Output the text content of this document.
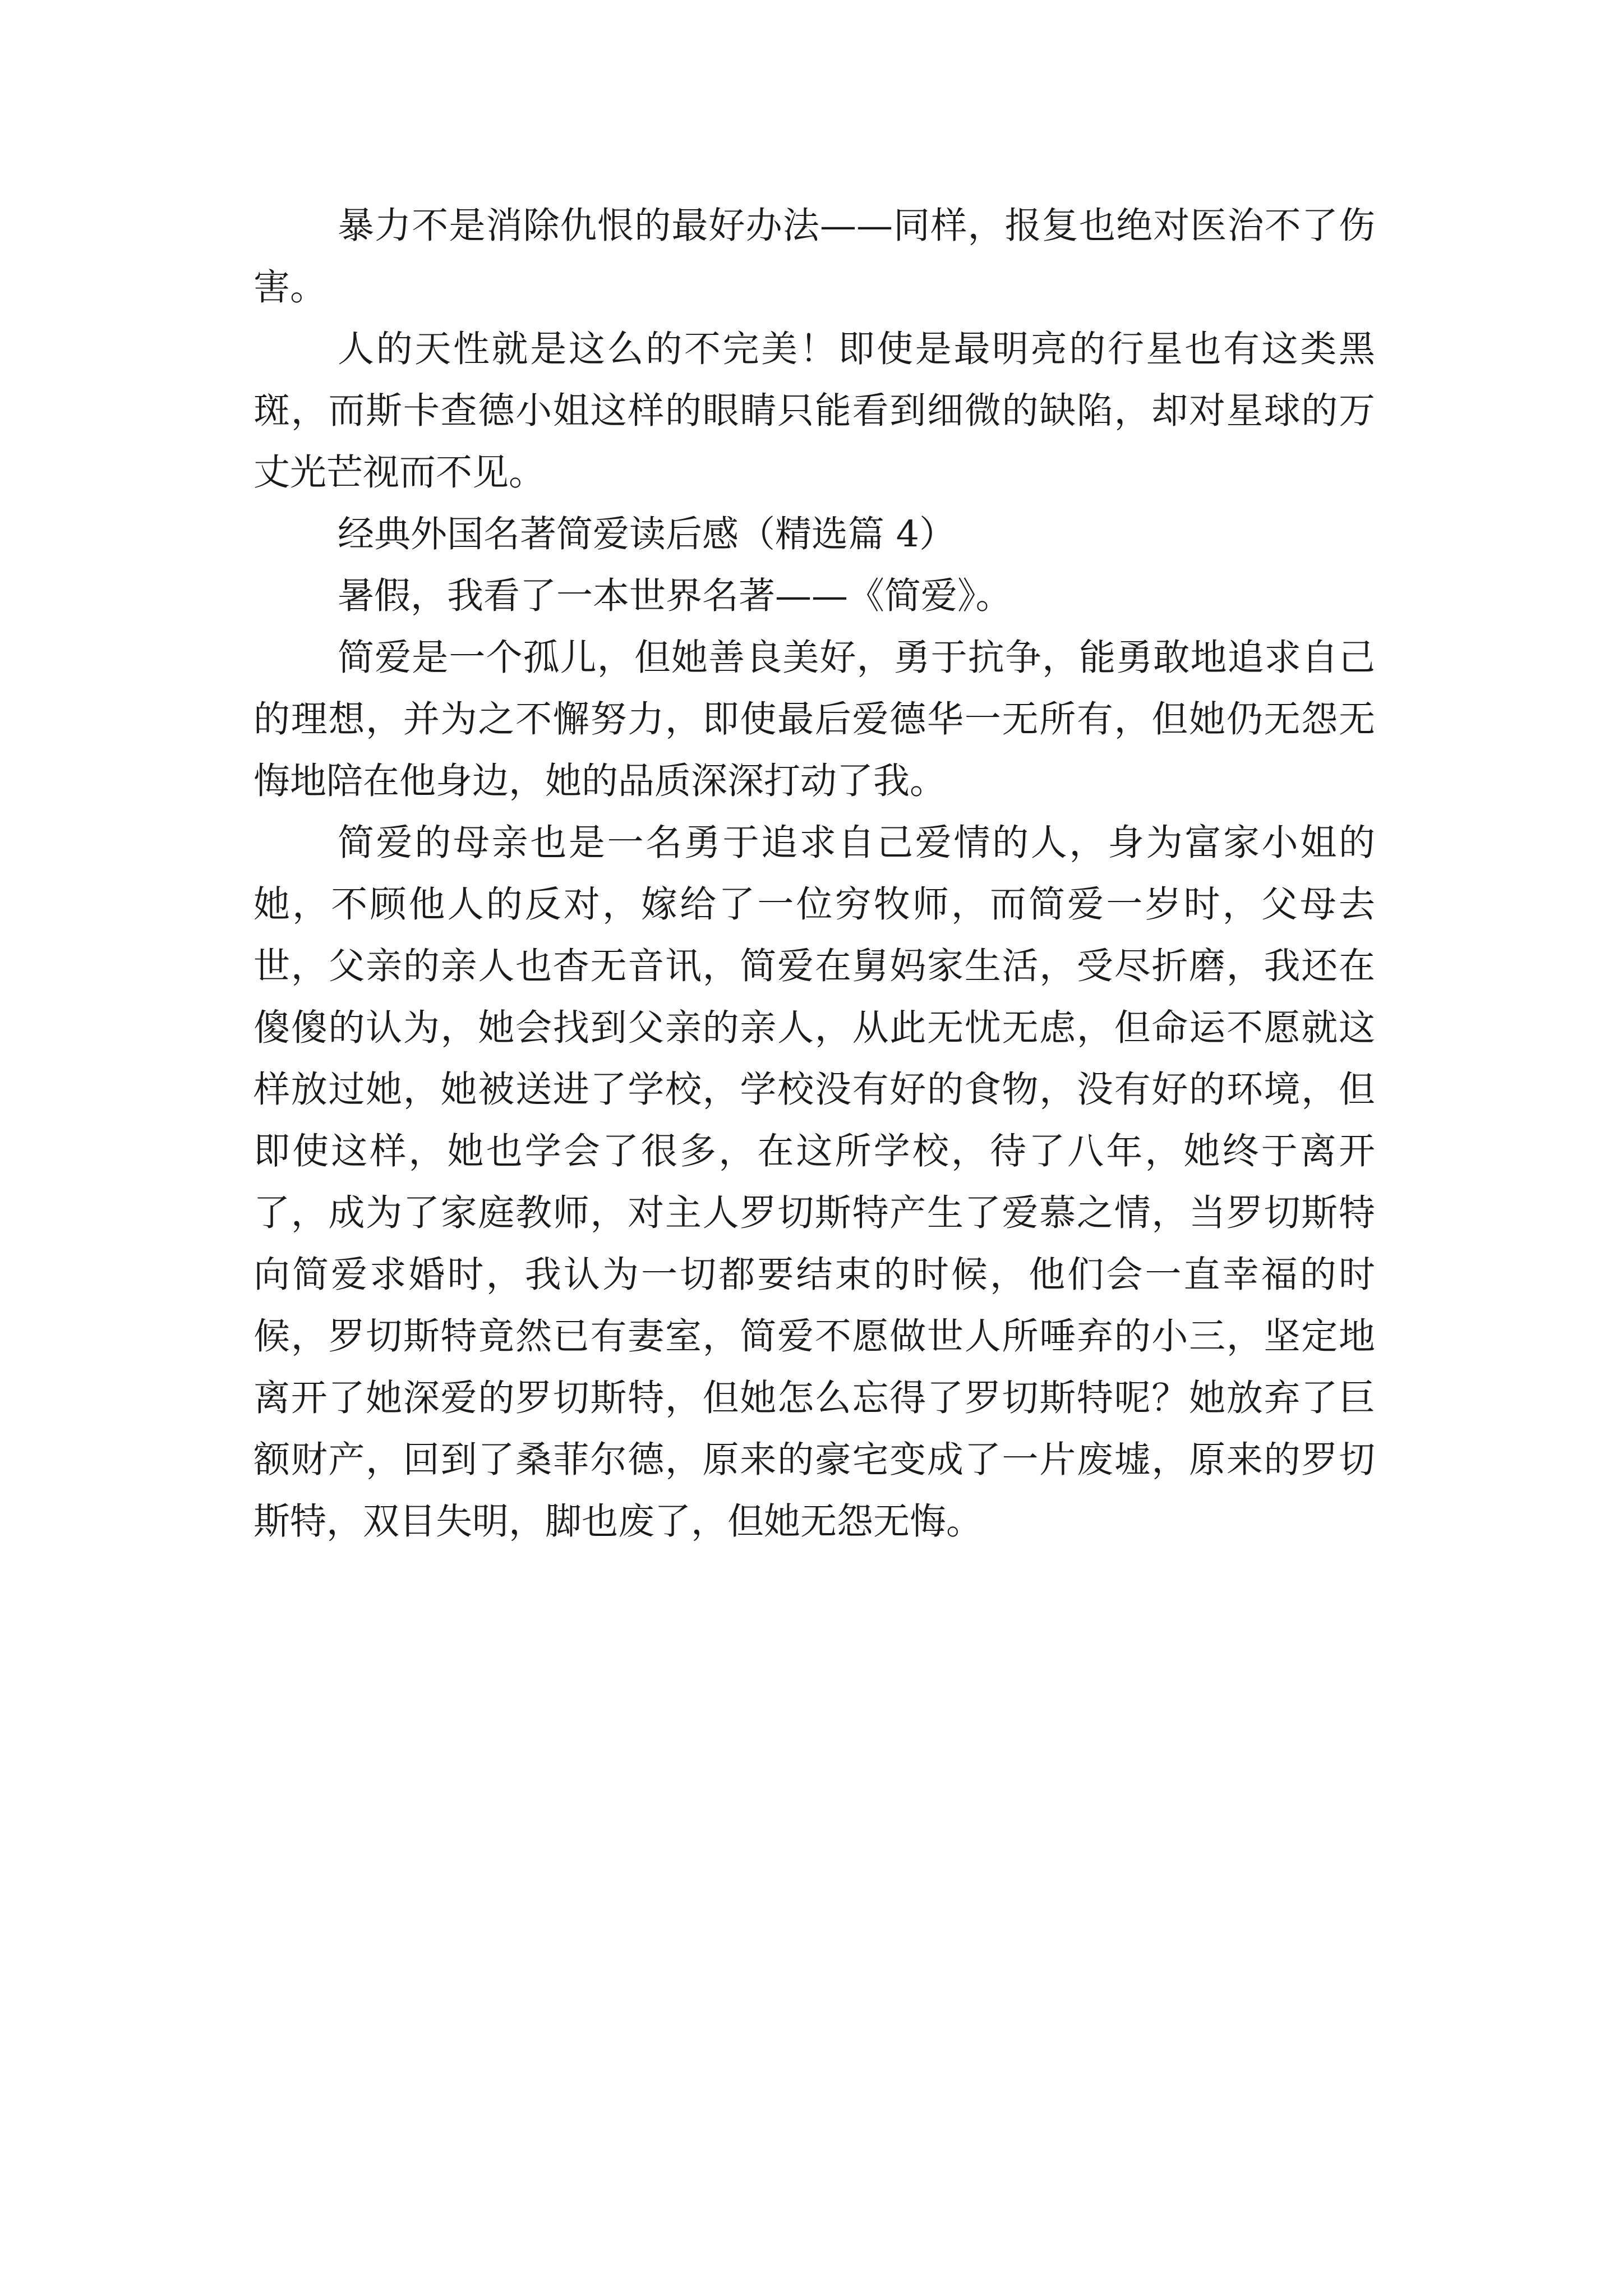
暴力不是消除仇恨的最好办法——同样，报复也绝对医治不了伤害。

人的天性就是这么的不完美！即使是最明亮的行星也有这类黑斑，而斯卡查德小姐这样的眼睛只能看到细微的缺陷，却对星球的万丈光芒视而不见。

经典外国名著简爱读后感（精选篇 4）

暑假，我看了一本世界名著——《简爱》。

简爱是一个孤儿，但她善良美好，勇于抗争，能勇敢地追求自己的理想，并为之不懈努力，即使最后爱德华一无所有，但她仍无怨无悔地陪在他身边，她的品质深深打动了我。

简爱的母亲也是一名勇于追求自己爱情的人，身为富家小姐的她，不顾他人的反对，嫁给了一位穷牧师，而简爱一岁时，父母去世，父亲的亲人也杳无音讯，简爱在舅妈家生活，受尽折磨，我还在傻傻的认为，她会找到父亲的亲人，从此无忧无虑，但命运不愿就这样放过她，她被送进了学校，学校没有好的食物，没有好的环境，但即使这样，她也学会了很多，在这所学校，待了八年，她终于离开了，成为了家庭教师，对主人罗切斯特产生了爱慕之情，当罗切斯特向简爱求婚时，我认为一切都要结束的时候，他们会一直幸福的时候，罗切斯特竟然已有妻室，简爱不愿做世人所唾弃的小三，坚定地离开了她深爱的罗切斯特，但她怎么忘得了罗切斯特呢？她放弃了巨额财产，回到了桑菲尔德，原来的豪宅变成了一片废墟，原来的罗切斯特，双目失明，脚也废了，但她无怨无悔。
